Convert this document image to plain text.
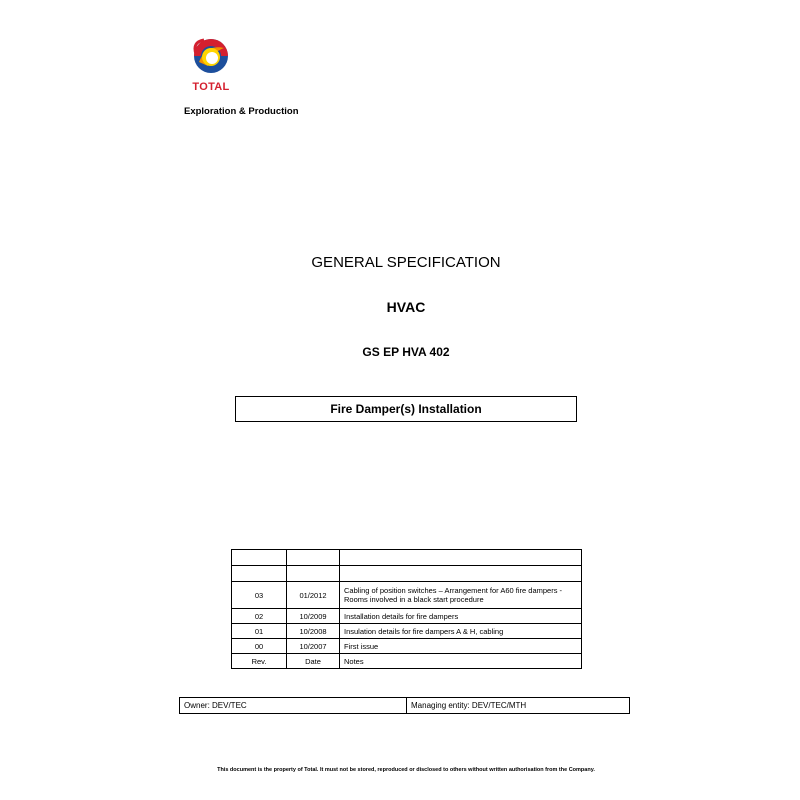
TOTAL
Exploration & Production
GENERAL SPECIFICATION
HVAC
GS EP HVA 402
Fire Damper(s) Installation

03	01/2012	Cabling of position switches – Arrangement for A60 fire dampers - Rooms involved in a black start procedure
02	10/2009	Installation details for fire dampers
01	10/2008	Insulation details for fire dampers A & H, cabling
00	10/2007	First issue
Rev.	Date	Notes
Owner: DEV/TEC	Managing entity: DEV/TEC/MTH
This document is the property of Total. It must not be stored, reproduced or disclosed to others without written authorisation from the Company.
